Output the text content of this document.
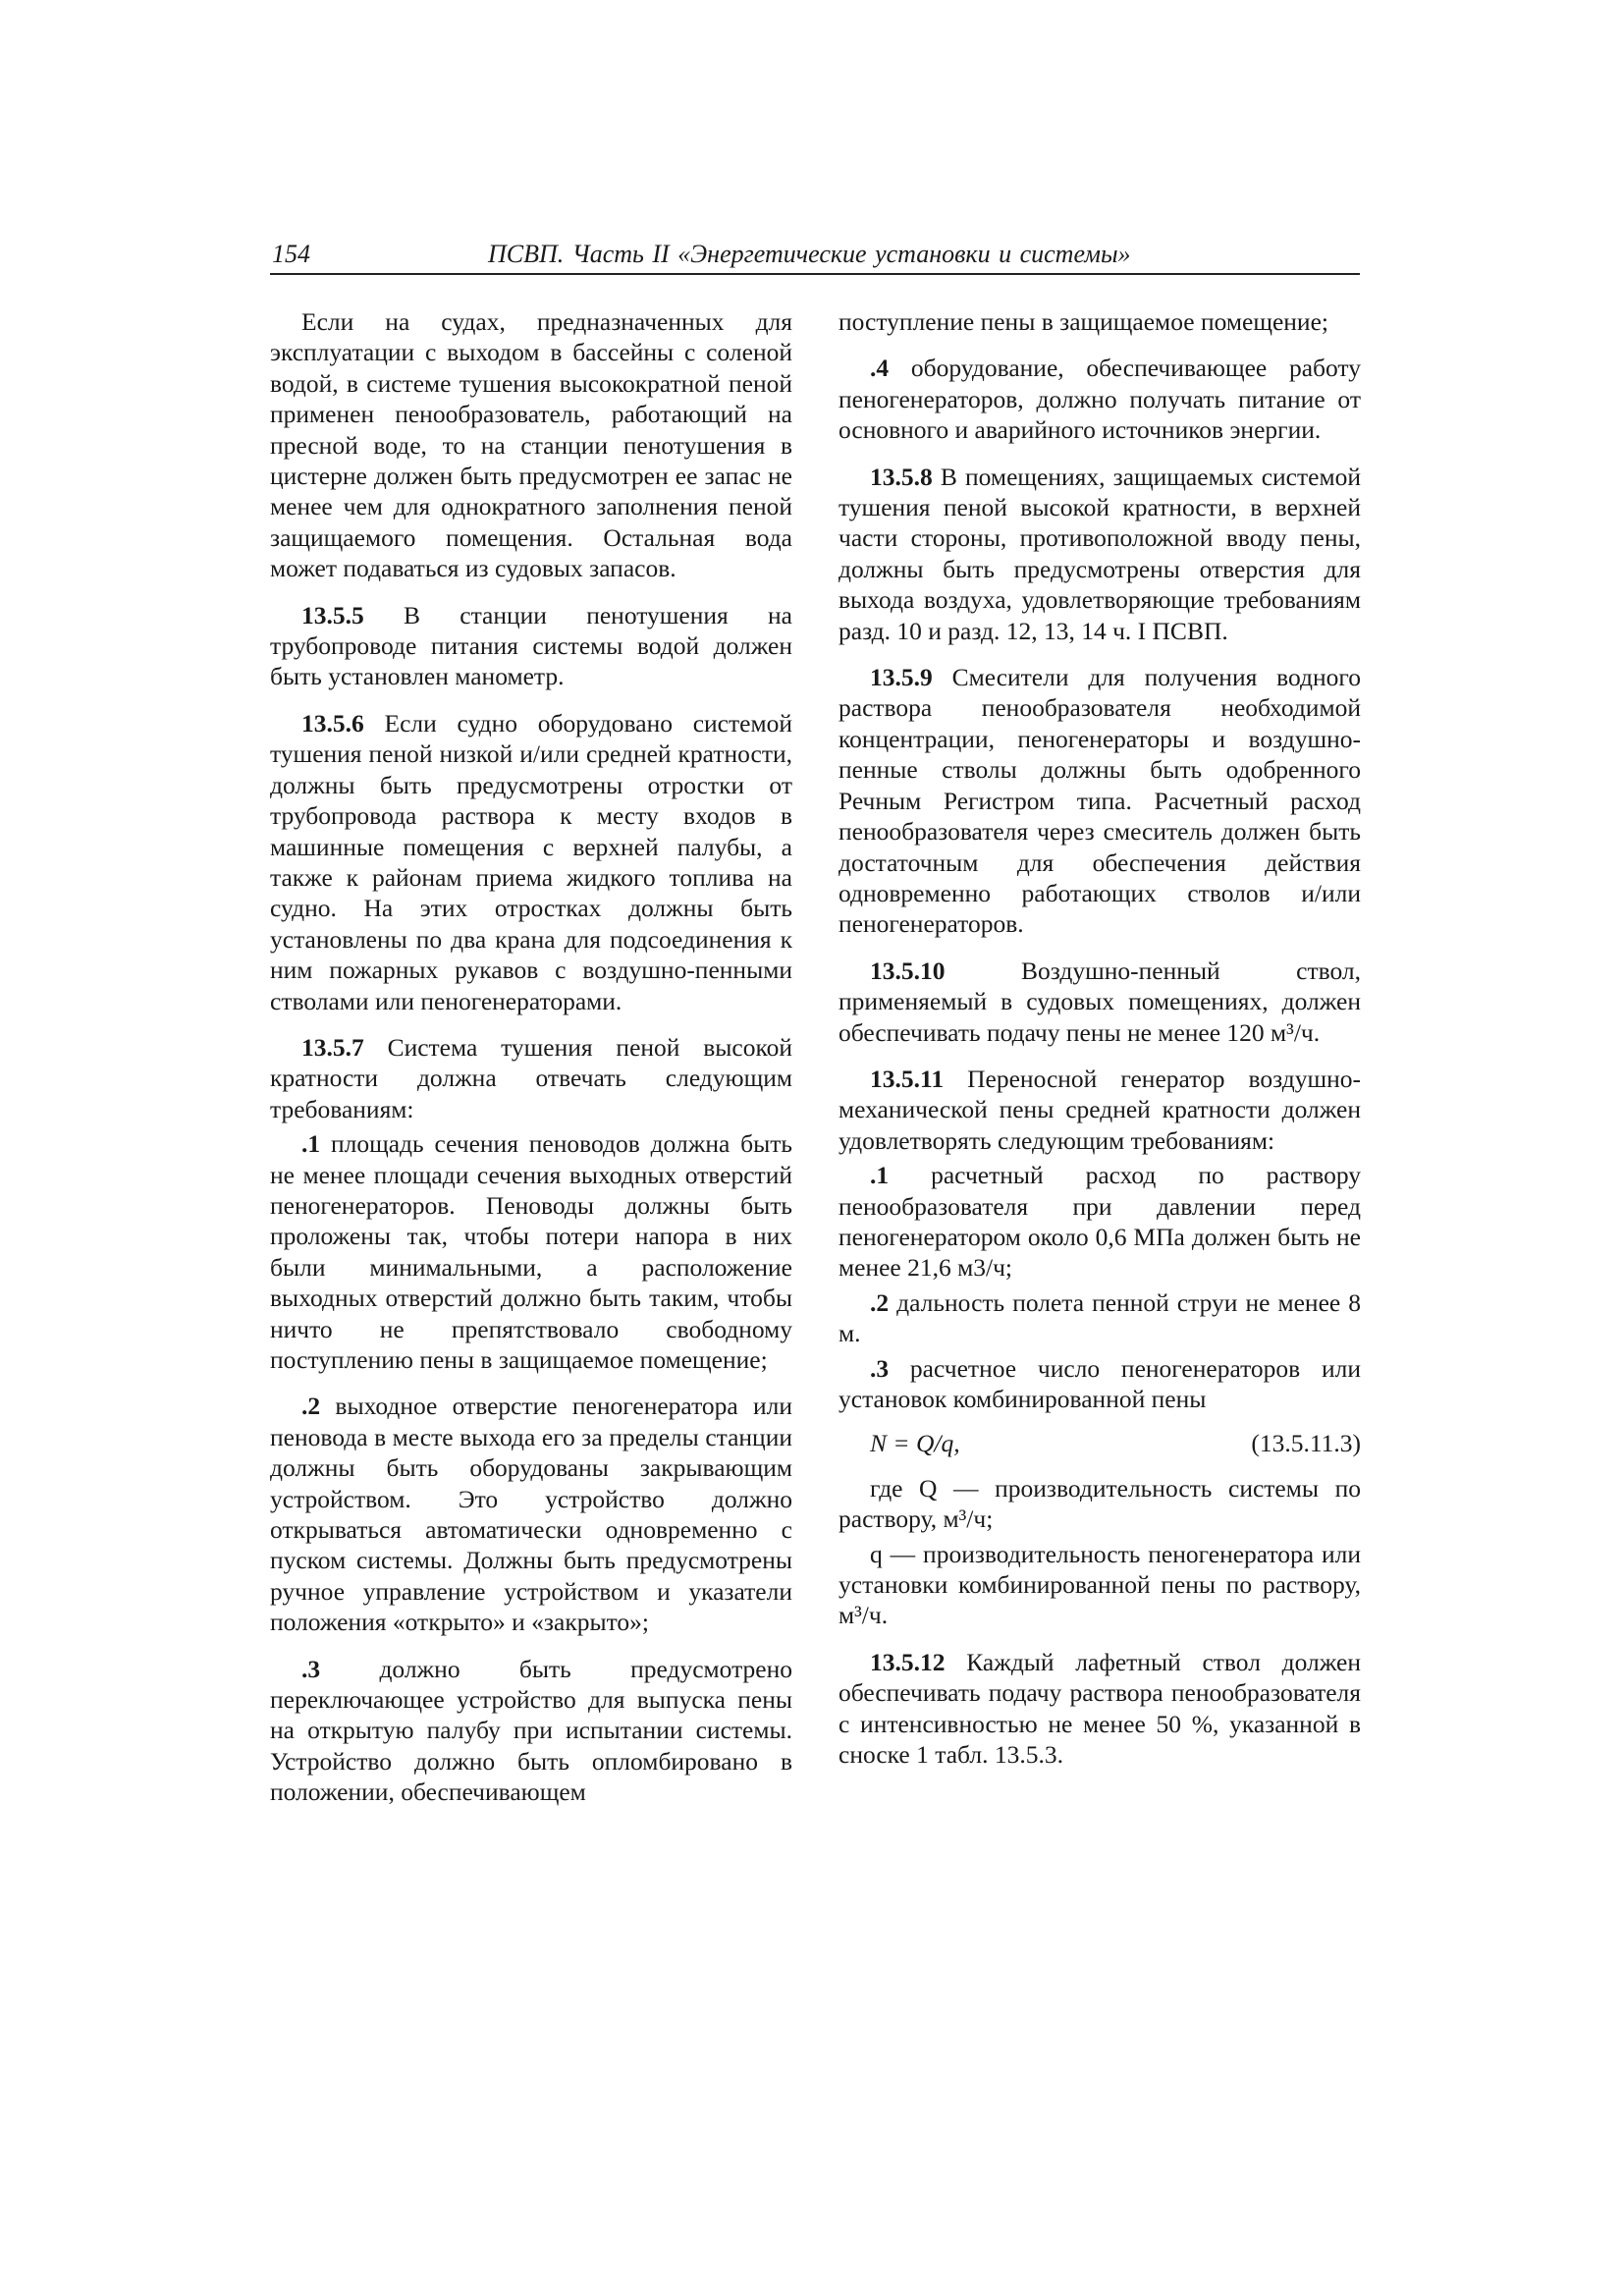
154	ПСВП. Часть II «Энергетические установки и системы»

Если на судах, предназначенных для эксплуатации с выходом в бассейны с соленой водой, в системе тушения высокократной пеной применен пенообразователь, работающий на пресной воде, то на станции пенотушения в цистерне должен быть предусмотрен ее запас не менее чем для однократного заполнения пеной защищаемого помещения. Остальная вода может подаваться из судовых запасов.

13.5.5 В станции пенотушения на трубопроводе питания системы водой должен быть установлен манометр.

13.5.6 Если судно оборудовано системой тушения пеной низкой и/или средней кратности, должны быть предусмотрены отростки от трубопровода раствора к месту входов в машинные помещения с верхней палубы, а также к районам приема жидкого топлива на судно. На этих отростках должны быть установлены по два крана для подсоединения к ним пожарных рукавов с воздушно-пенными стволами или пеногенераторами.

13.5.7 Система тушения пеной высокой кратности должна отвечать следующим требованиям:

.1 площадь сечения пеноводов должна быть не менее площади сечения выходных отверстий пеногенераторов. Пеноводы должны быть проложены так, чтобы потери напора в них были минимальными, а расположение выходных отверстий должно быть таким, чтобы ничто не препятствовало свободному поступлению пены в защищаемое помещение;

.2 выходное отверстие пеногенератора или пеновода в месте выхода его за пределы станции должны быть оборудованы закрывающим устройством. Это устройство должно открываться автоматически одновременно с пуском системы. Должны быть предусмотрены ручное управление устройством и указатели положения «открыто» и «закрыто»;

.3 должно быть предусмотрено переключающее устройство для выпуска пены на открытую палубу при испытании системы. Устройство должно быть опломбировано в положении, обеспечивающем

поступление пены в защищаемое помещение;

.4 оборудование, обеспечивающее работу пеногенераторов, должно получать питание от основного и аварийного источников энергии.

13.5.8 В помещениях, защищаемых системой тушения пеной высокой кратности, в верхней части стороны, противоположной вводу пены, должны быть предусмотрены отверстия для выхода воздуха, удовлетворяющие требованиям разд. 10 и разд. 12, 13, 14 ч. I ПСВП.

13.5.9 Смесители для получения водного раствора пенообразователя необходимой концентрации, пеногенераторы и воздушно-пенные стволы должны быть одобренного Речным Регистром типа. Расчетный расход пенообразователя через смеситель должен быть достаточным для обеспечения действия одновременно работающих стволов и/или пеногенераторов.

13.5.10 Воздушно-пенный ствол, применяемый в судовых помещениях, должен обеспечивать подачу пены не менее 120 м³/ч.

13.5.11 Переносной генератор воздушно-механической пены средней кратности должен удовлетворять следующим требованиям:

.1 расчетный расход по раствору пенообразователя при давлении перед пеногенератором около 0,6 МПа должен быть не менее 21,6 м3/ч;

.2 дальность полета пенной струи не менее 8 м.

.3 расчетное число пеногенераторов или установок комбинированной пены

N = Q/q,	(13.5.11.3)

где Q — производительность системы по раствору, м³/ч;

q — производительность пеногенератора или установки комбинированной пены по раствору, м³/ч.

13.5.12 Каждый лафетный ствол должен обеспечивать подачу раствора пенообразователя с интенсивностью не менее 50 %, указанной в сноске 1 табл. 13.5.3.
